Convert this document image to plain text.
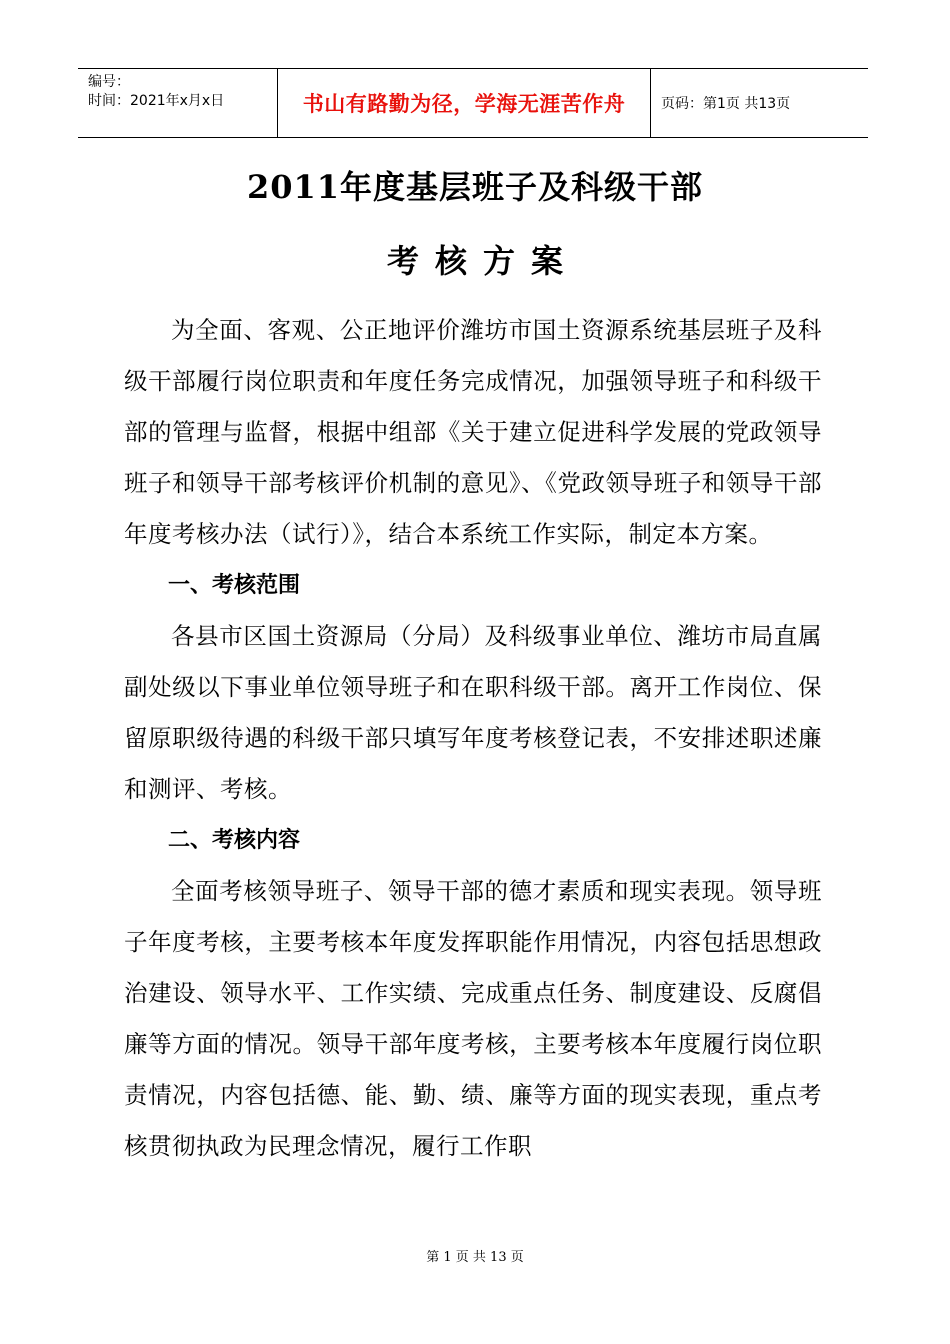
编号：
时间：2021年x月x日	书山有路勤为径，学海无涯苦作舟	页码：第1页 共13页
2011年度基层班子及科级干部
考核方案

为全面、客观、公正地评价潍坊市国土资源系统基层班子及科级干部履行岗位职责和年度任务完成情况，加强领导班子和科级干部的管理与监督，根据中组部《关于建立促进科学发展的党政领导班子和领导干部考核评价机制的意见》、《党政领导班子和领导干部年度考核办法（试行）》，结合本系统工作实际，制定本方案。

一、考核范围

各县市区国土资源局（分局）及科级事业单位、潍坊市局直属副处级以下事业单位领导班子和在职科级干部。离开工作岗位、保留原职级待遇的科级干部只填写年度考核登记表，不安排述职述廉和测评、考核。

二、考核内容

全面考核领导班子、领导干部的德才素质和现实表现。领导班子年度考核，主要考核本年度发挥职能作用情况，内容包括思想政治建设、领导水平、工作实绩、完成重点任务、制度建设、反腐倡廉等方面的情况。领导干部年度考核，主要考核本年度履行岗位职责情况，内容包括德、能、勤、绩、廉等方面的现实表现，重点考核贯彻执政为民理念情况，履行工作职

第 1 页 共 13 页
